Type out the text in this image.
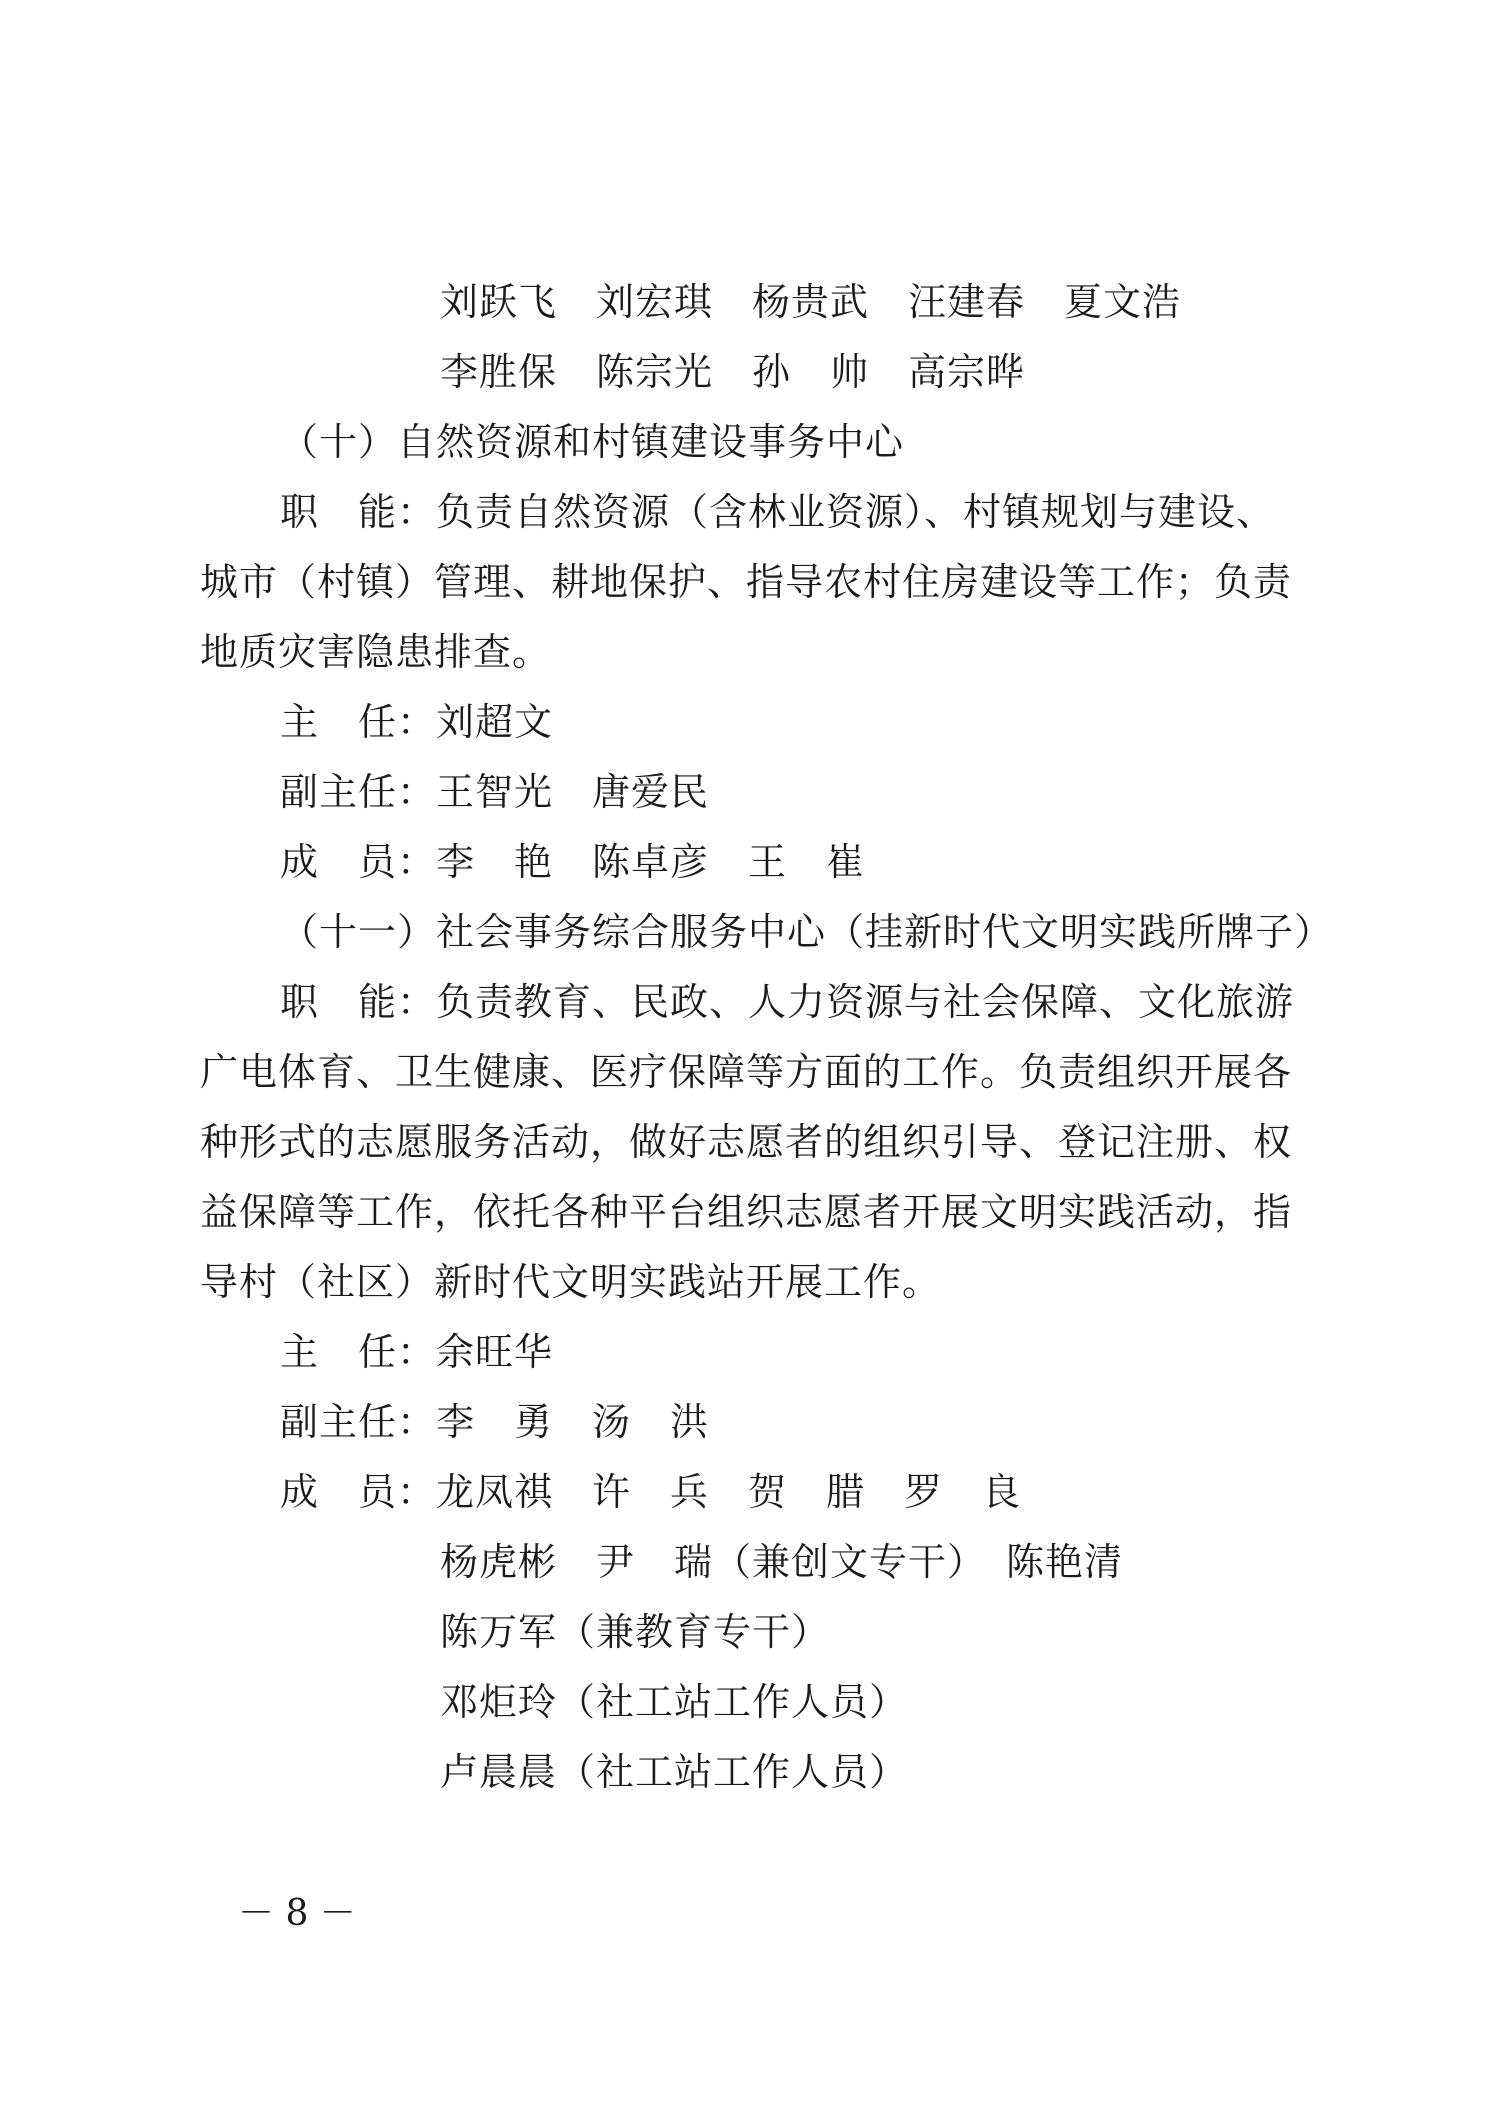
刘跃飞　刘宏琪　杨贵武　汪建春　夏文浩
李胜保　陈宗光　孙　帅　高宗晔
（十）自然资源和村镇建设事务中心
职　能：负责自然资源（含林业资源）、村镇规划与建设、
城市（村镇）管理、耕地保护、指导农村住房建设等工作；负责
地质灾害隐患排查。
主　任：刘超文
副主任：王智光　唐爱民
成　员：李　艳　陈卓彦　王　崔
（十一）社会事务综合服务中心（挂新时代文明实践所牌子）
职　能：负责教育、民政、人力资源与社会保障、文化旅游
广电体育、卫生健康、医疗保障等方面的工作。负责组织开展各
种形式的志愿服务活动，做好志愿者的组织引导、登记注册、权
益保障等工作，依托各种平台组织志愿者开展文明实践活动，指
导村（社区）新时代文明实践站开展工作。
主　任：余旺华
副主任：李　勇　汤　洪
成　员：龙凤祺　许　兵　贺　腊　罗　良
杨虎彬　尹　瑞（兼创文专干）　陈艳清
陈万军（兼教育专干）
邓炬玲（社工站工作人员）
卢晨晨（社工站工作人员）
－ 8 －
